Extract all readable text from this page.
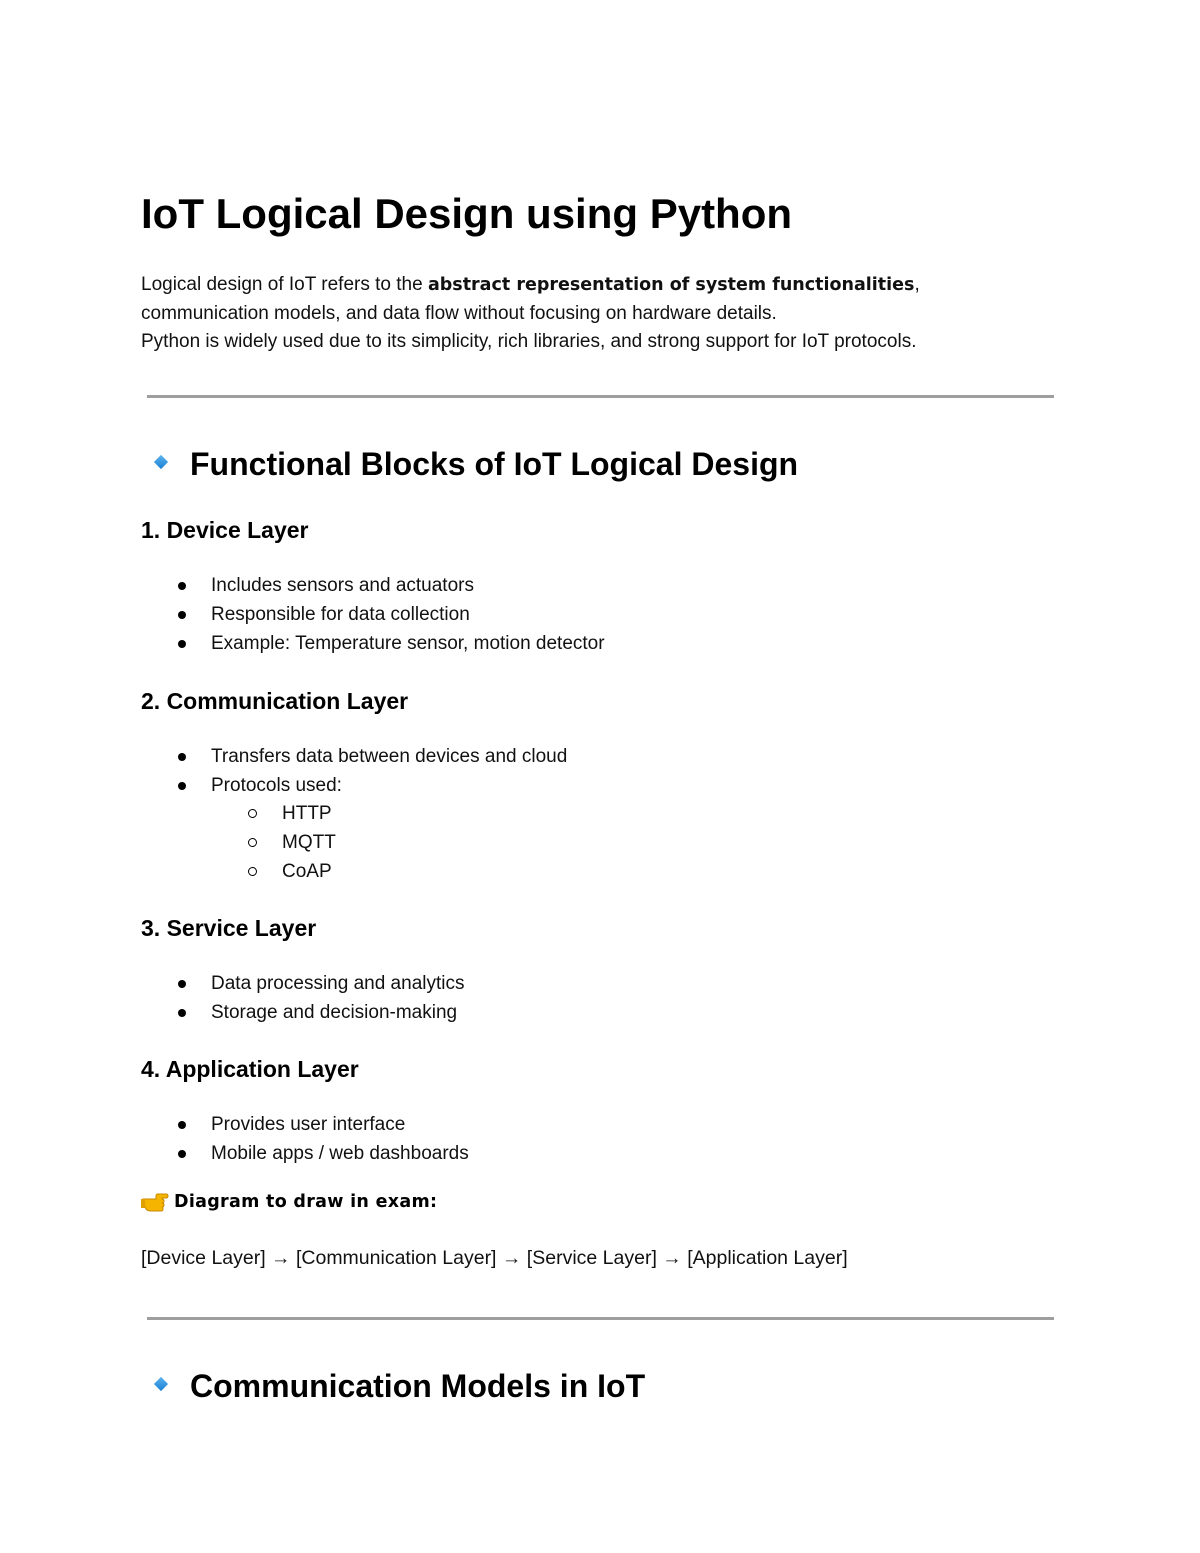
IoT Logical Design using Python

Logical design of IoT refers to the abstract representation of system functionalities,

communication models, and data flow without focusing on hardware details.

Python is widely used due to its simplicity, rich libraries, and strong support for IoT protocols.

Functional Blocks of IoT Logical Design
1. Device Layer
Includes sensors and actuators
Responsible for data collection
Example: Temperature sensor, motion detector
2. Communication Layer
Transfers data between devices and cloud
Protocols used:
HTTP
MQTT
CoAP
3. Service Layer
Data processing and analytics
Storage and decision-making
4. Application Layer
Provides user interface
Mobile apps / web dashboards

Diagram to draw in exam:

[Device Layer] → [Communication Layer] → [Service Layer] → [Application Layer]

Communication Models in IoT
